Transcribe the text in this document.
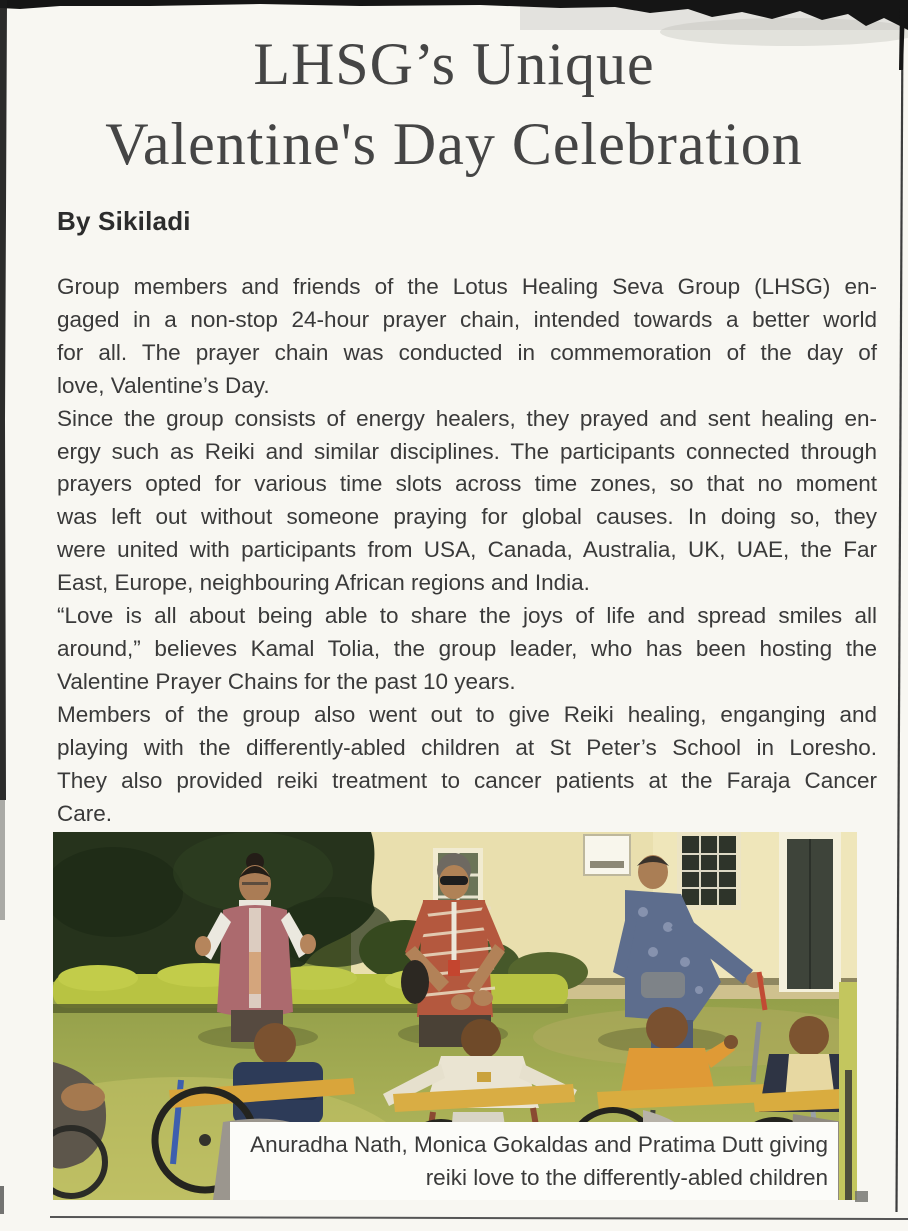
LHSG’s Unique
Valentine's Day Celebration
By Sikiladi

Group members and friends of the Lotus Healing Seva Group (LHSG) en-
gaged in a non-stop 24-hour prayer chain, intended towards a better world
for all. The prayer chain was conducted in commemoration of the day of
love, Valentine’s Day.

Since the group consists of energy healers, they prayed and sent healing en-
ergy such as Reiki and similar disciplines. The participants connected through
prayers opted for various time slots across time zones, so that no moment
was left out without someone praying for global causes. In doing so, they
were united with participants from USA, Canada, Australia, UK, UAE, the Far
East, Europe, neighbouring African regions and India.

“Love is all about being able to share the joys of life and spread smiles all
around,” believes Kamal Tolia, the group leader, who has been hosting the
Valentine Prayer Chains for the past 10 years.

Members of the group also went out to give Reiki healing, enganging and
playing with the differently-abled children at St Peter’s School in Loresho.
They also provided reiki treatment to cancer patients at the Faraja Cancer
Care.

Anuradha Nath, Monica Gokaldas and Pratima Dutt giving
reiki love to the differently-abled children
